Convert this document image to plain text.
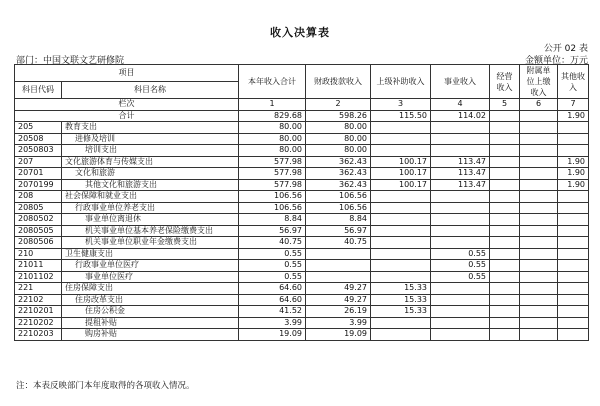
收入决算表
公开 02 表
部门：中国文联文艺研修院	金额单位：万元
项目		本年收入合计	财政拨款收入	上级补助收入	事业收入	经营收入	附属单位上缴收入	其他收入
科目代码	科目名称							
栏次		1	2	3	4	5	6	7
合计		829.68	598.26	115.50	114.02			1.90
205	教育支出	80.00	80.00					
20508	进修及培训	80.00	80.00					
2050803	培训支出	80.00	80.00					
207	文化旅游体育与传媒支出	577.98	362.43	100.17	113.47			1.90
20701	文化和旅游	577.98	362.43	100.17	113.47			1.90
2070199	其他文化和旅游支出	577.98	362.43	100.17	113.47			1.90
208	社会保障和就业支出	106.56	106.56					
20805	行政事业单位养老支出	106.56	106.56					
2080502	事业单位离退休	8.84	8.84					
2080505	机关事业单位基本养老保险缴费支出	56.97	56.97					
2080506	机关事业单位职业年金缴费支出	40.75	40.75					
210	卫生健康支出	0.55			0.55			
21011	行政事业单位医疗	0.55			0.55			
2101102	事业单位医疗	0.55			0.55			
221	住房保障支出	64.60	49.27	15.33				
22102	住房改革支出	64.60	49.27	15.33				
2210201	住房公积金	41.52	26.19	15.33				
2210202	提租补贴	3.99	3.99					
2210203	购房补贴	19.09	19.09					
注：本表反映部门本年度取得的各项收入情况。
